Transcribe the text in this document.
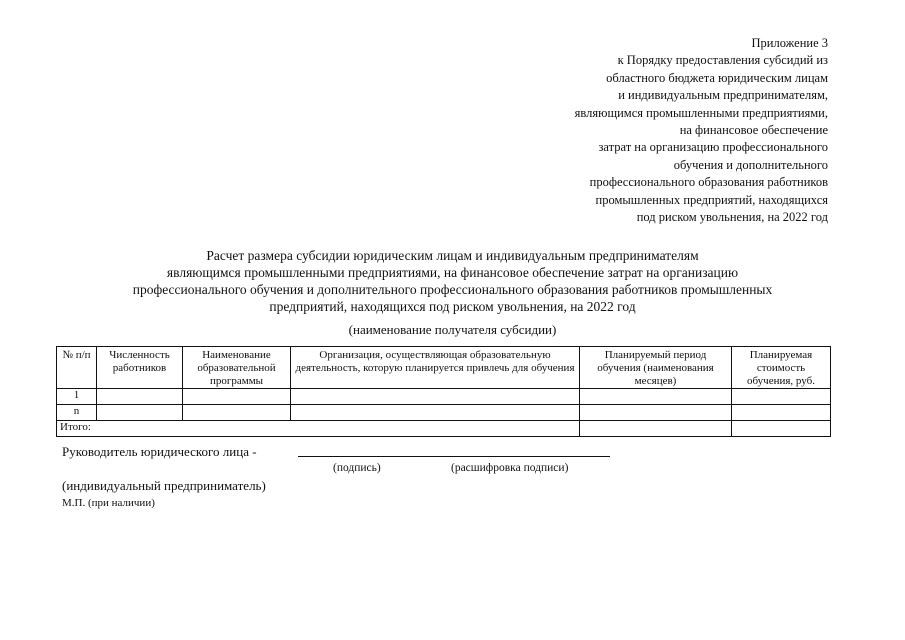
Приложение 3
к Порядку предоставления субсидий из
областного бюджета юридическим лицам
и индивидуальным предпринимателям,
являющимся промышленными предприятиями,
на финансовое обеспечение
затрат на организацию профессионального
обучения и дополнительного
профессионального образования работников
промышленных предприятий, находящихся
под риском увольнения, на 2022 год
Расчет размера субсидии юридическим лицам и индивидуальным предпринимателям
являющимся промышленными предприятиями, на финансовое обеспечение затрат на организацию
профессионального обучения и дополнительного профессионального образования работников промышленных
предприятий, находящихся под риском увольнения, на 2022 год
(наименование получателя субсидии)
№ п/п	Численность работников	Наименование образовательной программы	Организация, осуществляющая образовательную деятельность, которую планируется привлечь для обучения	Планируемый период обучения (наименования месяцев)	Планируемая стоимость обучения, руб.
1					
n					
Итого:					
Руководитель юридического лица -
(подпись)	(расшифровка подписи)
(индивидуальный предприниматель)
М.П. (при наличии)
